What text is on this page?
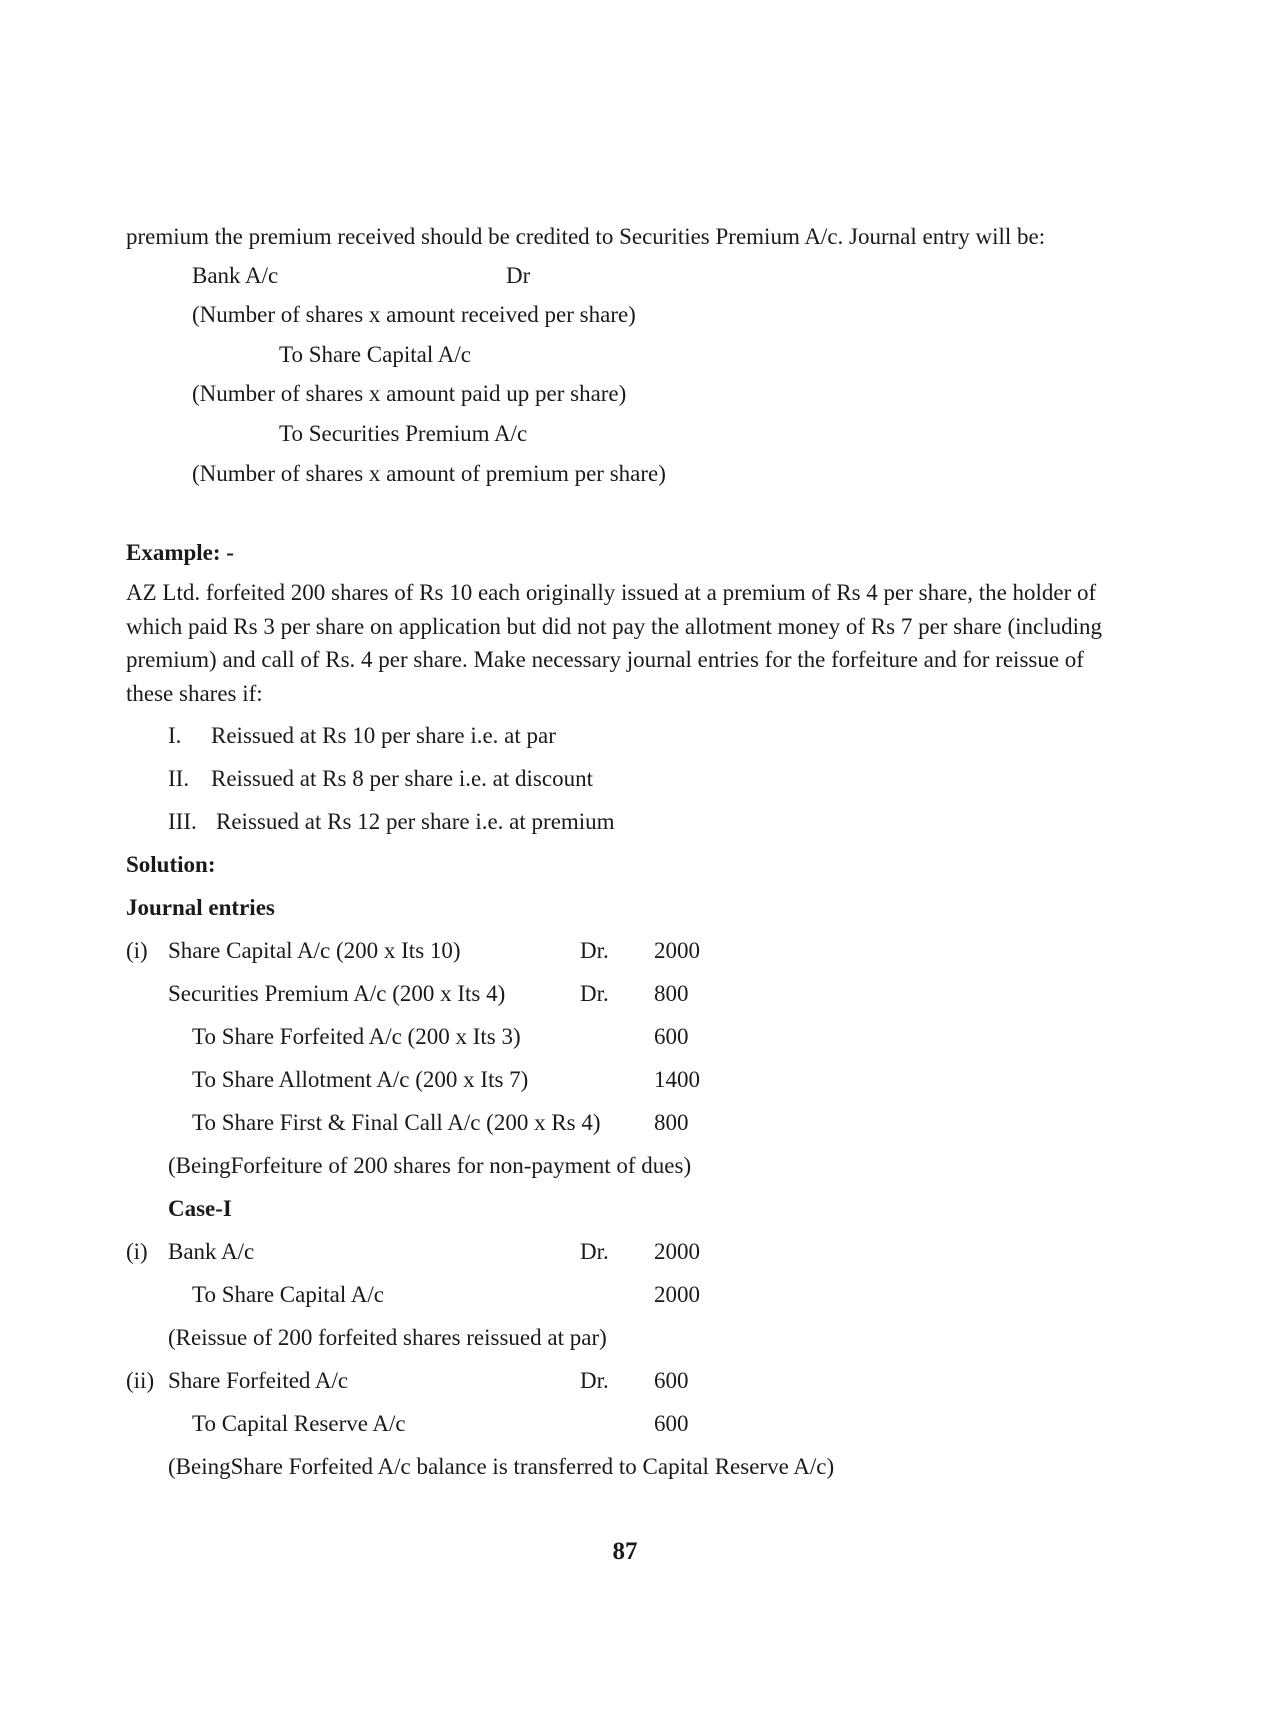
premium the premium received should be credited to Securities Premium A/c. Journal entry will be:
Bank A/c	Dr
(Number of shares x amount received per share)
To Share Capital A/c
(Number of shares x amount paid up per share)
To Securities Premium A/c
(Number of shares x amount of premium per share)
Example: -
AZ Ltd. forfeited 200 shares of Rs 10 each originally issued at a premium of Rs 4 per share, the holder of which paid Rs 3 per share on application but did not pay the allotment money of Rs 7 per share (including premium) and call of Rs. 4 per share. Make necessary journal entries for the forfeiture and for reissue of these shares if:
I. Reissued at Rs 10 per share i.e. at par
II. Reissued at Rs 8 per share i.e. at discount
III. Reissued at Rs 12 per share i.e. at premium
Solution:
Journal entries
(i) Share Capital A/c (200 x Its 10)	Dr. 2000
Securities Premium A/c (200 x Its 4)	Dr. 800
To Share Forfeited A/c (200 x Its 3)	600
To Share Allotment A/c (200 x Its 7)	1400
To Share First & Final Call A/c (200 x Rs 4) 800
(BeingForfeiture of 200 shares for non-payment of dues)
Case-I
(i) Bank A/c	Dr. 2000
To Share Capital A/c	2000
(Reissue of 200 forfeited shares reissued at par)
(ii) Share Forfeited A/c	Dr. 600
To Capital Reserve A/c	600
(BeingShare Forfeited A/c balance is transferred to Capital Reserve A/c)
87
